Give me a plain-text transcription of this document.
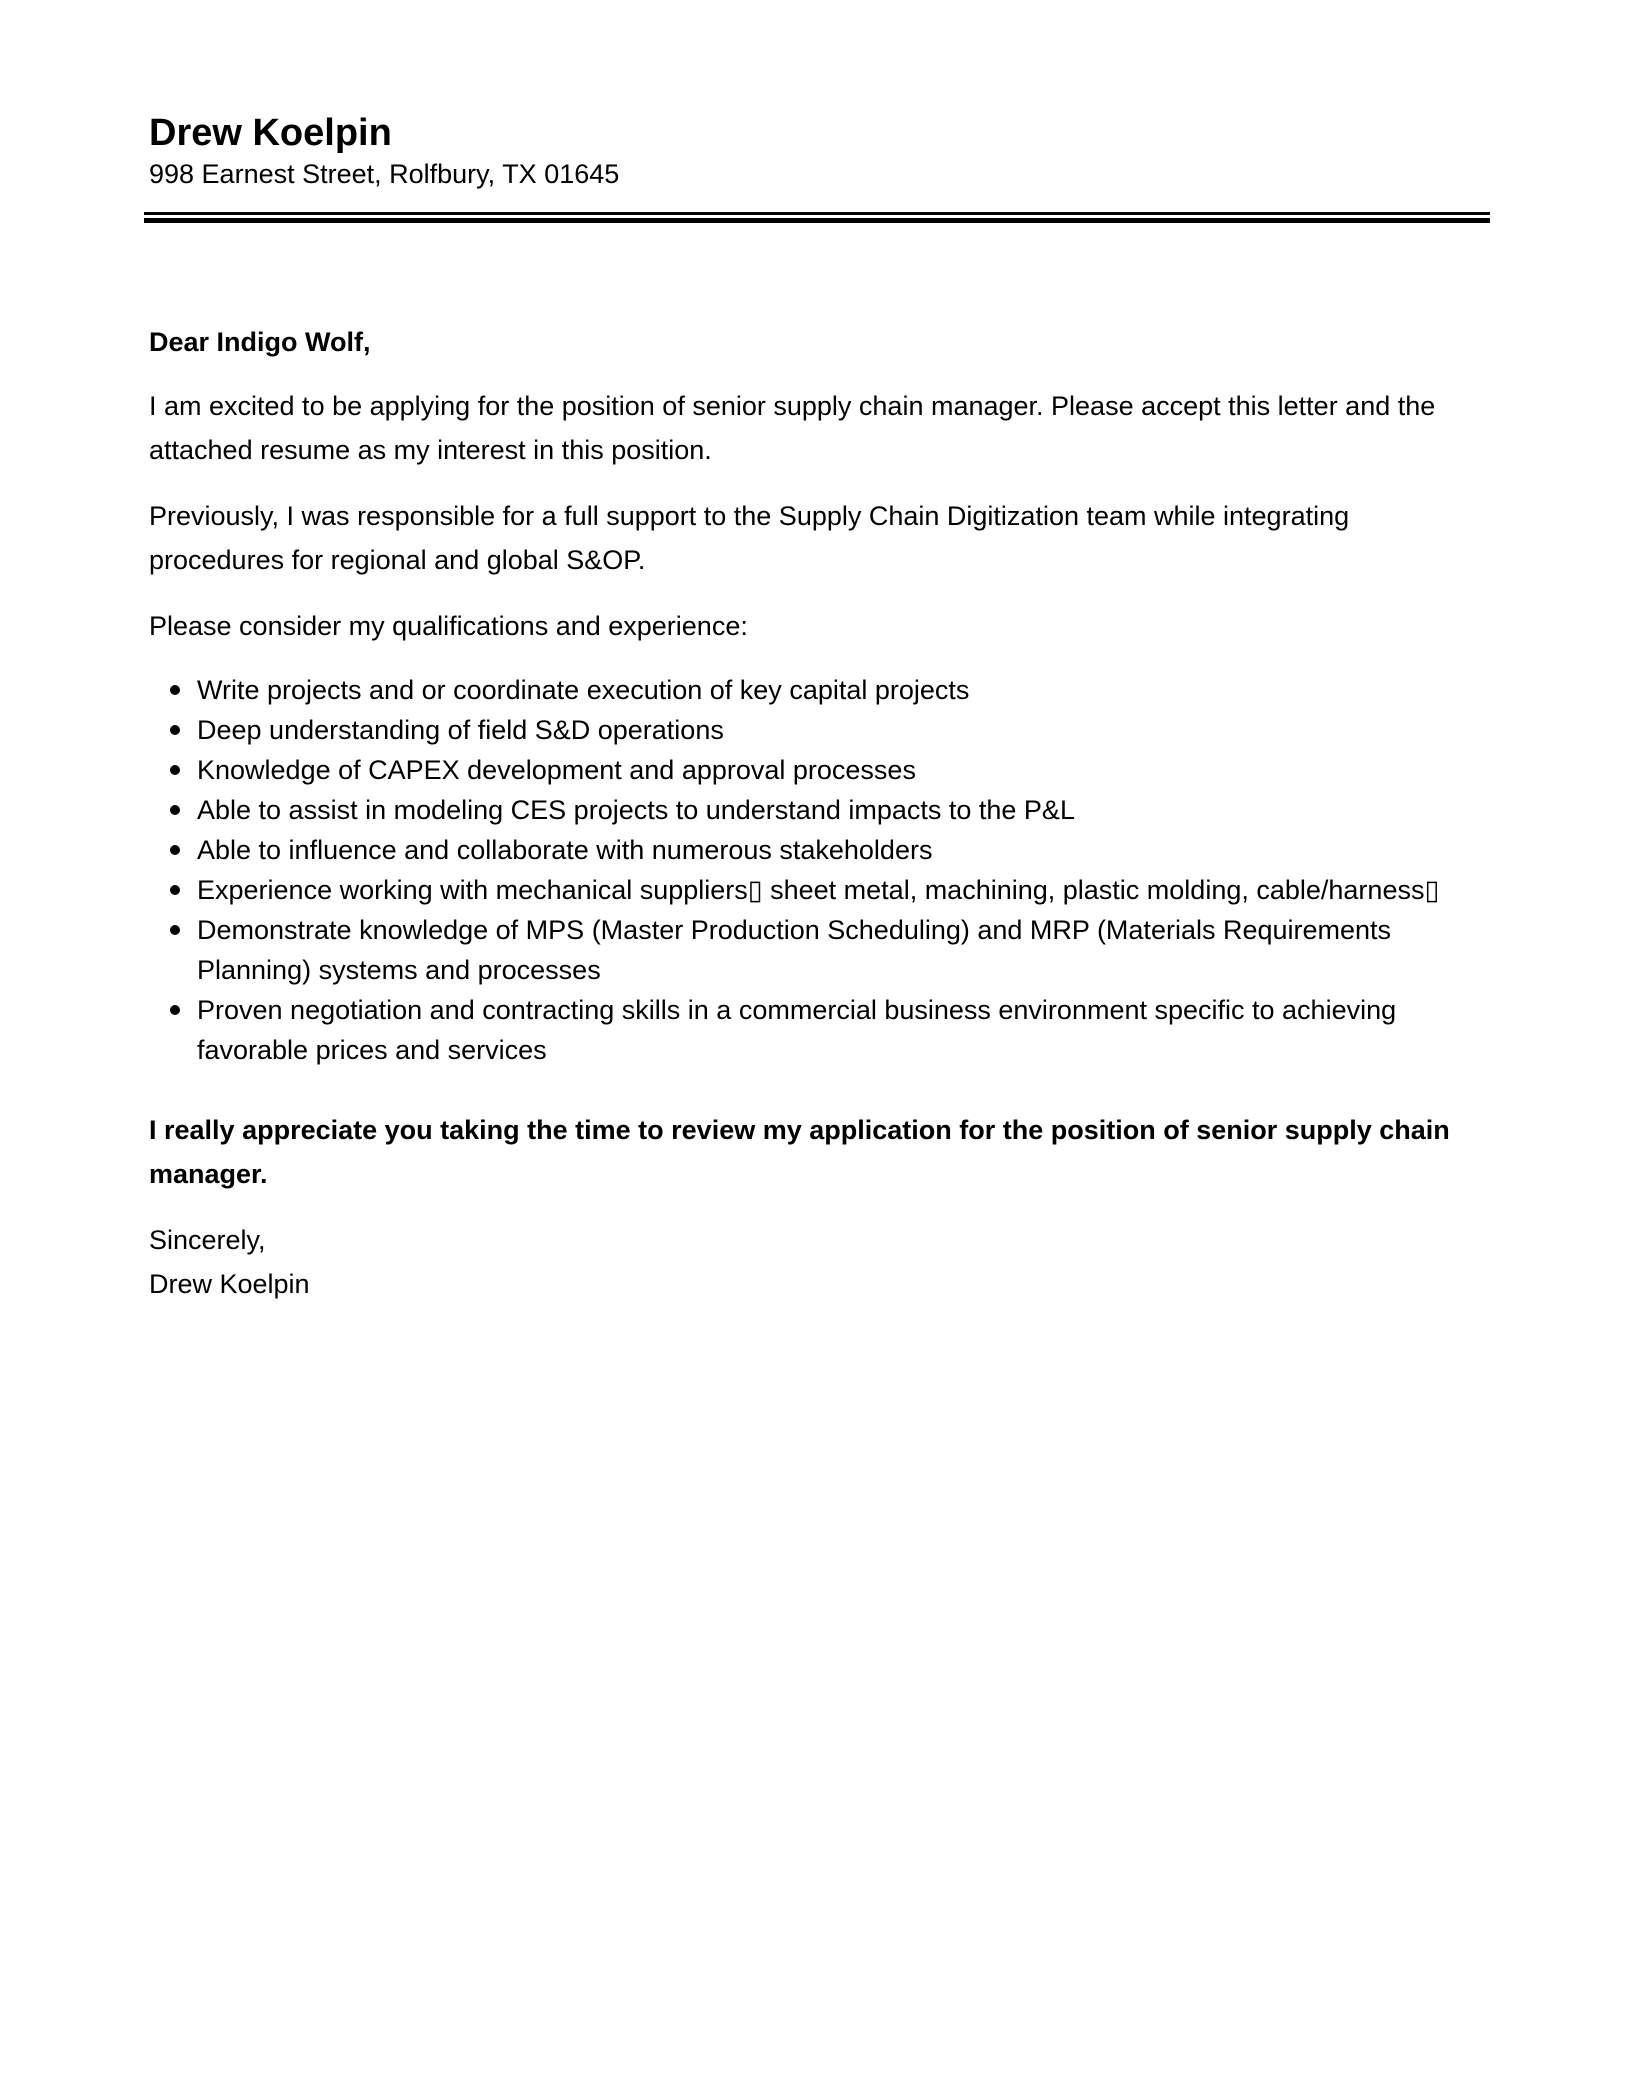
Drew Koelpin

998 Earnest Street, Rolfbury, TX 01645

Dear Indigo Wolf,

I am excited to be applying for the position of senior supply chain manager. Please accept this letter and the attached resume as my interest in this position.

Previously, I was responsible for a full support to the Supply Chain Digitization team while integrating procedures for regional and global S&OP.

Please consider my qualifications and experience:

Write projects and or coordinate execution of key capital projects
Deep understanding of field S&D operations
Knowledge of CAPEX development and approval processes
Able to assist in modeling CES projects to understand impacts to the P&L
Able to influence and collaborate with numerous stakeholders
Experience working with mechanical suppliers▯ sheet metal, machining, plastic molding, cable/harness▯
Demonstrate knowledge of MPS (Master Production Scheduling) and MRP (Materials Requirements Planning) systems and processes
Proven negotiation and contracting skills in a commercial business environment specific to achieving favorable prices and services

I really appreciate you taking the time to review my application for the position of senior supply chain manager.

Sincerely,

Drew Koelpin
